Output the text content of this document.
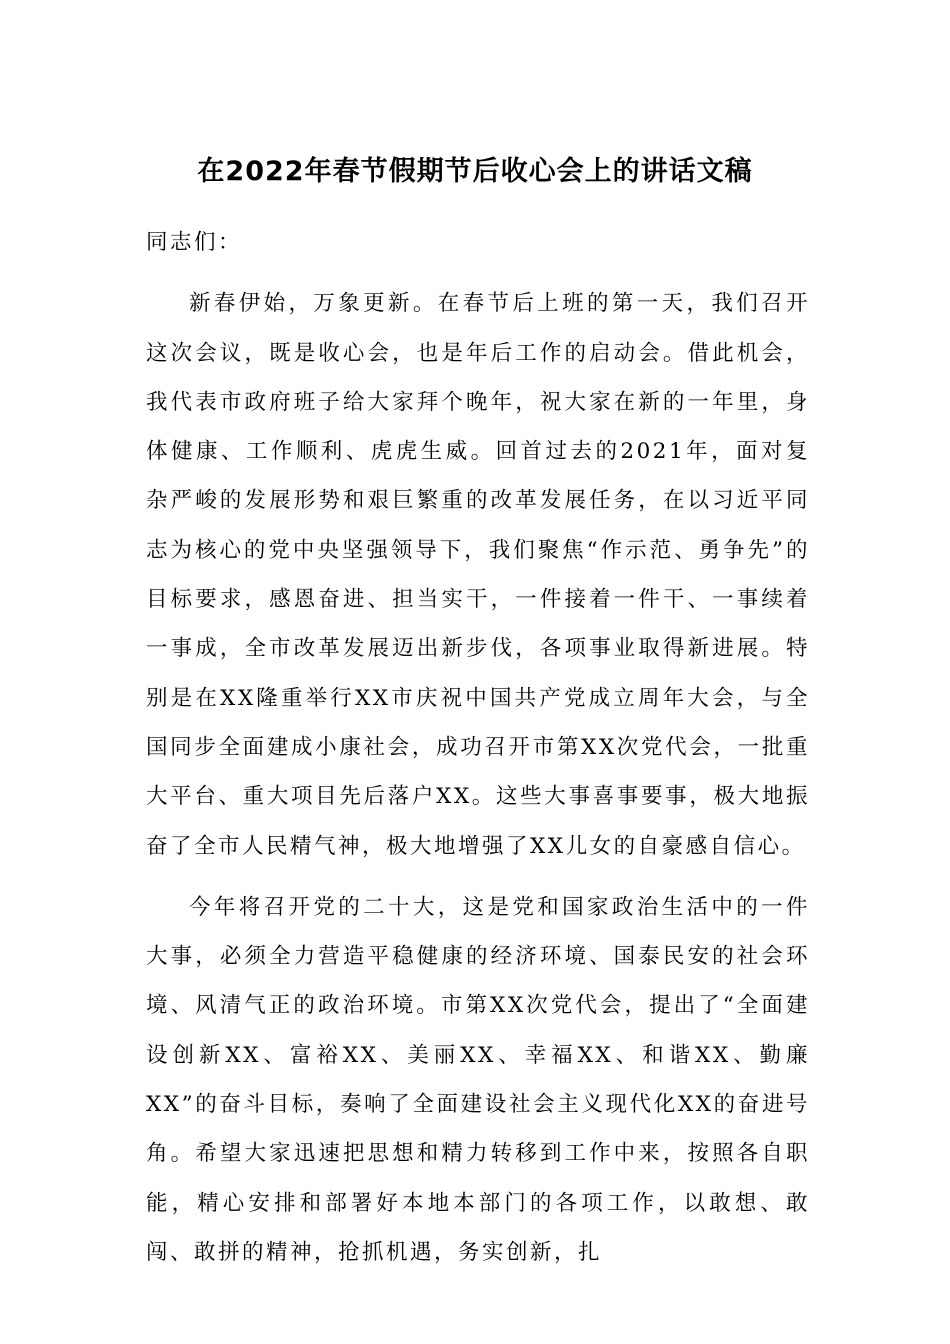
在2022年春节假期节后收心会上的讲话文稿

同志们：

新春伊始，万象更新。在春节后上班的第一天，我们召开这次会议，既是收心会，也是年后工作的启动会。借此机会，我代表市政府班子给大家拜个晚年，祝大家在新的一年里，身体健康、工作顺利、虎虎生威。回首过去的2021年，面对复杂严峻的发展形势和艰巨繁重的改革发展任务，在以习近平同志为核心的党中央坚强领导下，我们聚焦“作示范、勇争先”的目标要求，感恩奋进、担当实干，一件接着一件干、一事续着一事成，全市改革发展迈出新步伐，各项事业取得新进展。特别是在XX隆重举行XX市庆祝中国共产党成立周年大会，与全国同步全面建成小康社会，成功召开市第XX次党代会，一批重大平台、重大项目先后落户XX。这些大事喜事要事，极大地振奋了全市人民精气神，极大地增强了XX儿女的自豪感自信心。

今年将召开党的二十大，这是党和国家政治生活中的一件大事，必须全力营造平稳健康的经济环境、国泰民安的社会环境、风清气正的政治环境。市第XX次党代会，提出了“全面建设创新XX、富裕XX、美丽XX、幸福XX、和谐XX、勤廉XX”的奋斗目标，奏响了全面建设社会主义现代化XX的奋进号角。希望大家迅速把思想和精力转移到工作中来，按照各自职能，精心安排和部署好本地本部门的各项工作，以敢想、敢闯、敢拼的精神，抢抓机遇，务实创新，扎
